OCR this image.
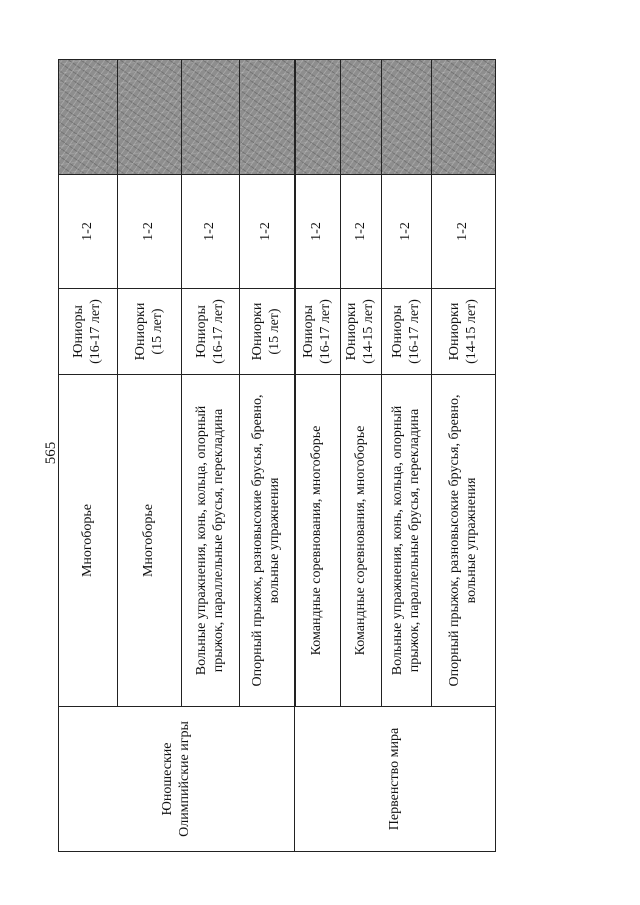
565
Юношеские Олимпийские игры	Многоборье	Юниоры (16-17 лет)	1-2	
	Многоборье	Юниорки (15 лет)	1-2	
	Вольные упражнения, конь, кольца, опорный прыжок, параллельные брусья, перекладина	Юниоры (16-17 лет)	1-2	
	Опорный прыжок, разновысокие брусья, бревно, вольные упражнения	Юниорки (15 лет)	1-2	
Первенство мира	Командные соревнования, многоборье	Юниоры (16-17 лет)	1-2	
	Командные соревнования, многоборье	Юниорки (14-15 лет)	1-2	
	Вольные упражнения, конь, кольца, опорный прыжок, параллельные брусья, перекладина	Юниоры (16-17 лет)	1-2	
	Опорный прыжок, разновысокие брусья, бревно, вольные упражнения	Юниорки (14-15 лет)	1-2	
